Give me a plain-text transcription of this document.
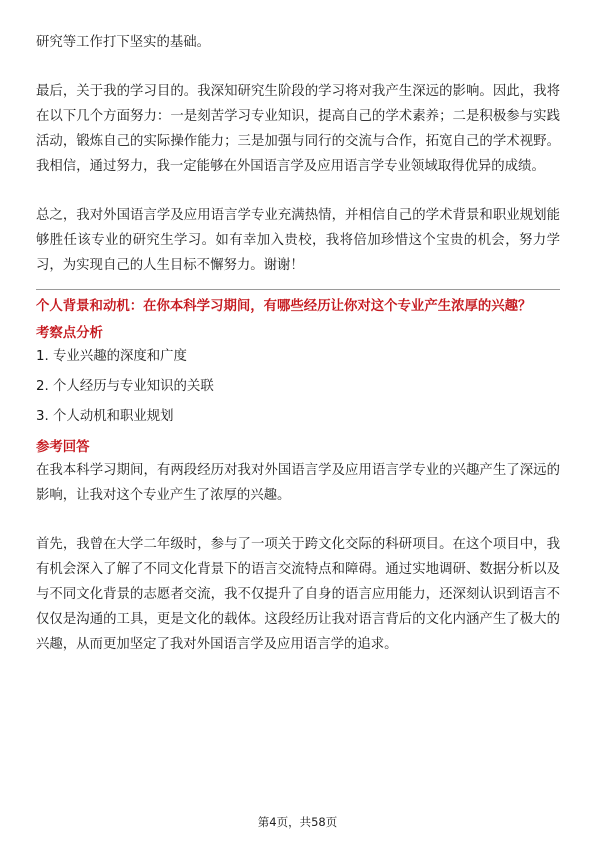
研究等工作打下坚实的基础。

最后，关于我的学习目的。我深知研究生阶段的学习将对我产生深远的影响。因此，我将在以下几个方面努力：一是刻苦学习专业知识，提高自己的学术素养；二是积极参与实践活动，锻炼自己的实际操作能力；三是加强与同行的交流与合作，拓宽自己的学术视野。我相信，通过努力，我一定能够在外国语言学及应用语言学专业领域取得优异的成绩。

总之，我对外国语言学及应用语言学专业充满热情，并相信自己的学术背景和职业规划能够胜任该专业的研究生学习。如有幸加入贵校，我将倍加珍惜这个宝贵的机会，努力学习，为实现自己的人生目标不懈努力。谢谢！

个人背景和动机：在你本科学习期间，有哪些经历让你对这个专业产生浓厚的兴趣？
考察点分析
1. 专业兴趣的深度和广度
2. 个人经历与专业知识的关联
3. 个人动机和职业规划
参考回答

在我本科学习期间，有两段经历对我对外国语言学及应用语言学专业的兴趣产生了深远的影响，让我对这个专业产生了浓厚的兴趣。

首先，我曾在大学二年级时，参与了一项关于跨文化交际的科研项目。在这个项目中，我有机会深入了解了不同文化背景下的语言交流特点和障碍。通过实地调研、数据分析以及与不同文化背景的志愿者交流，我不仅提升了自身的语言应用能力，还深刻认识到语言不仅仅是沟通的工具，更是文化的载体。这段经历让我对语言背后的文化内涵产生了极大的兴趣，从而更加坚定了我对外国语言学及应用语言学的追求。

第4页，共58页
